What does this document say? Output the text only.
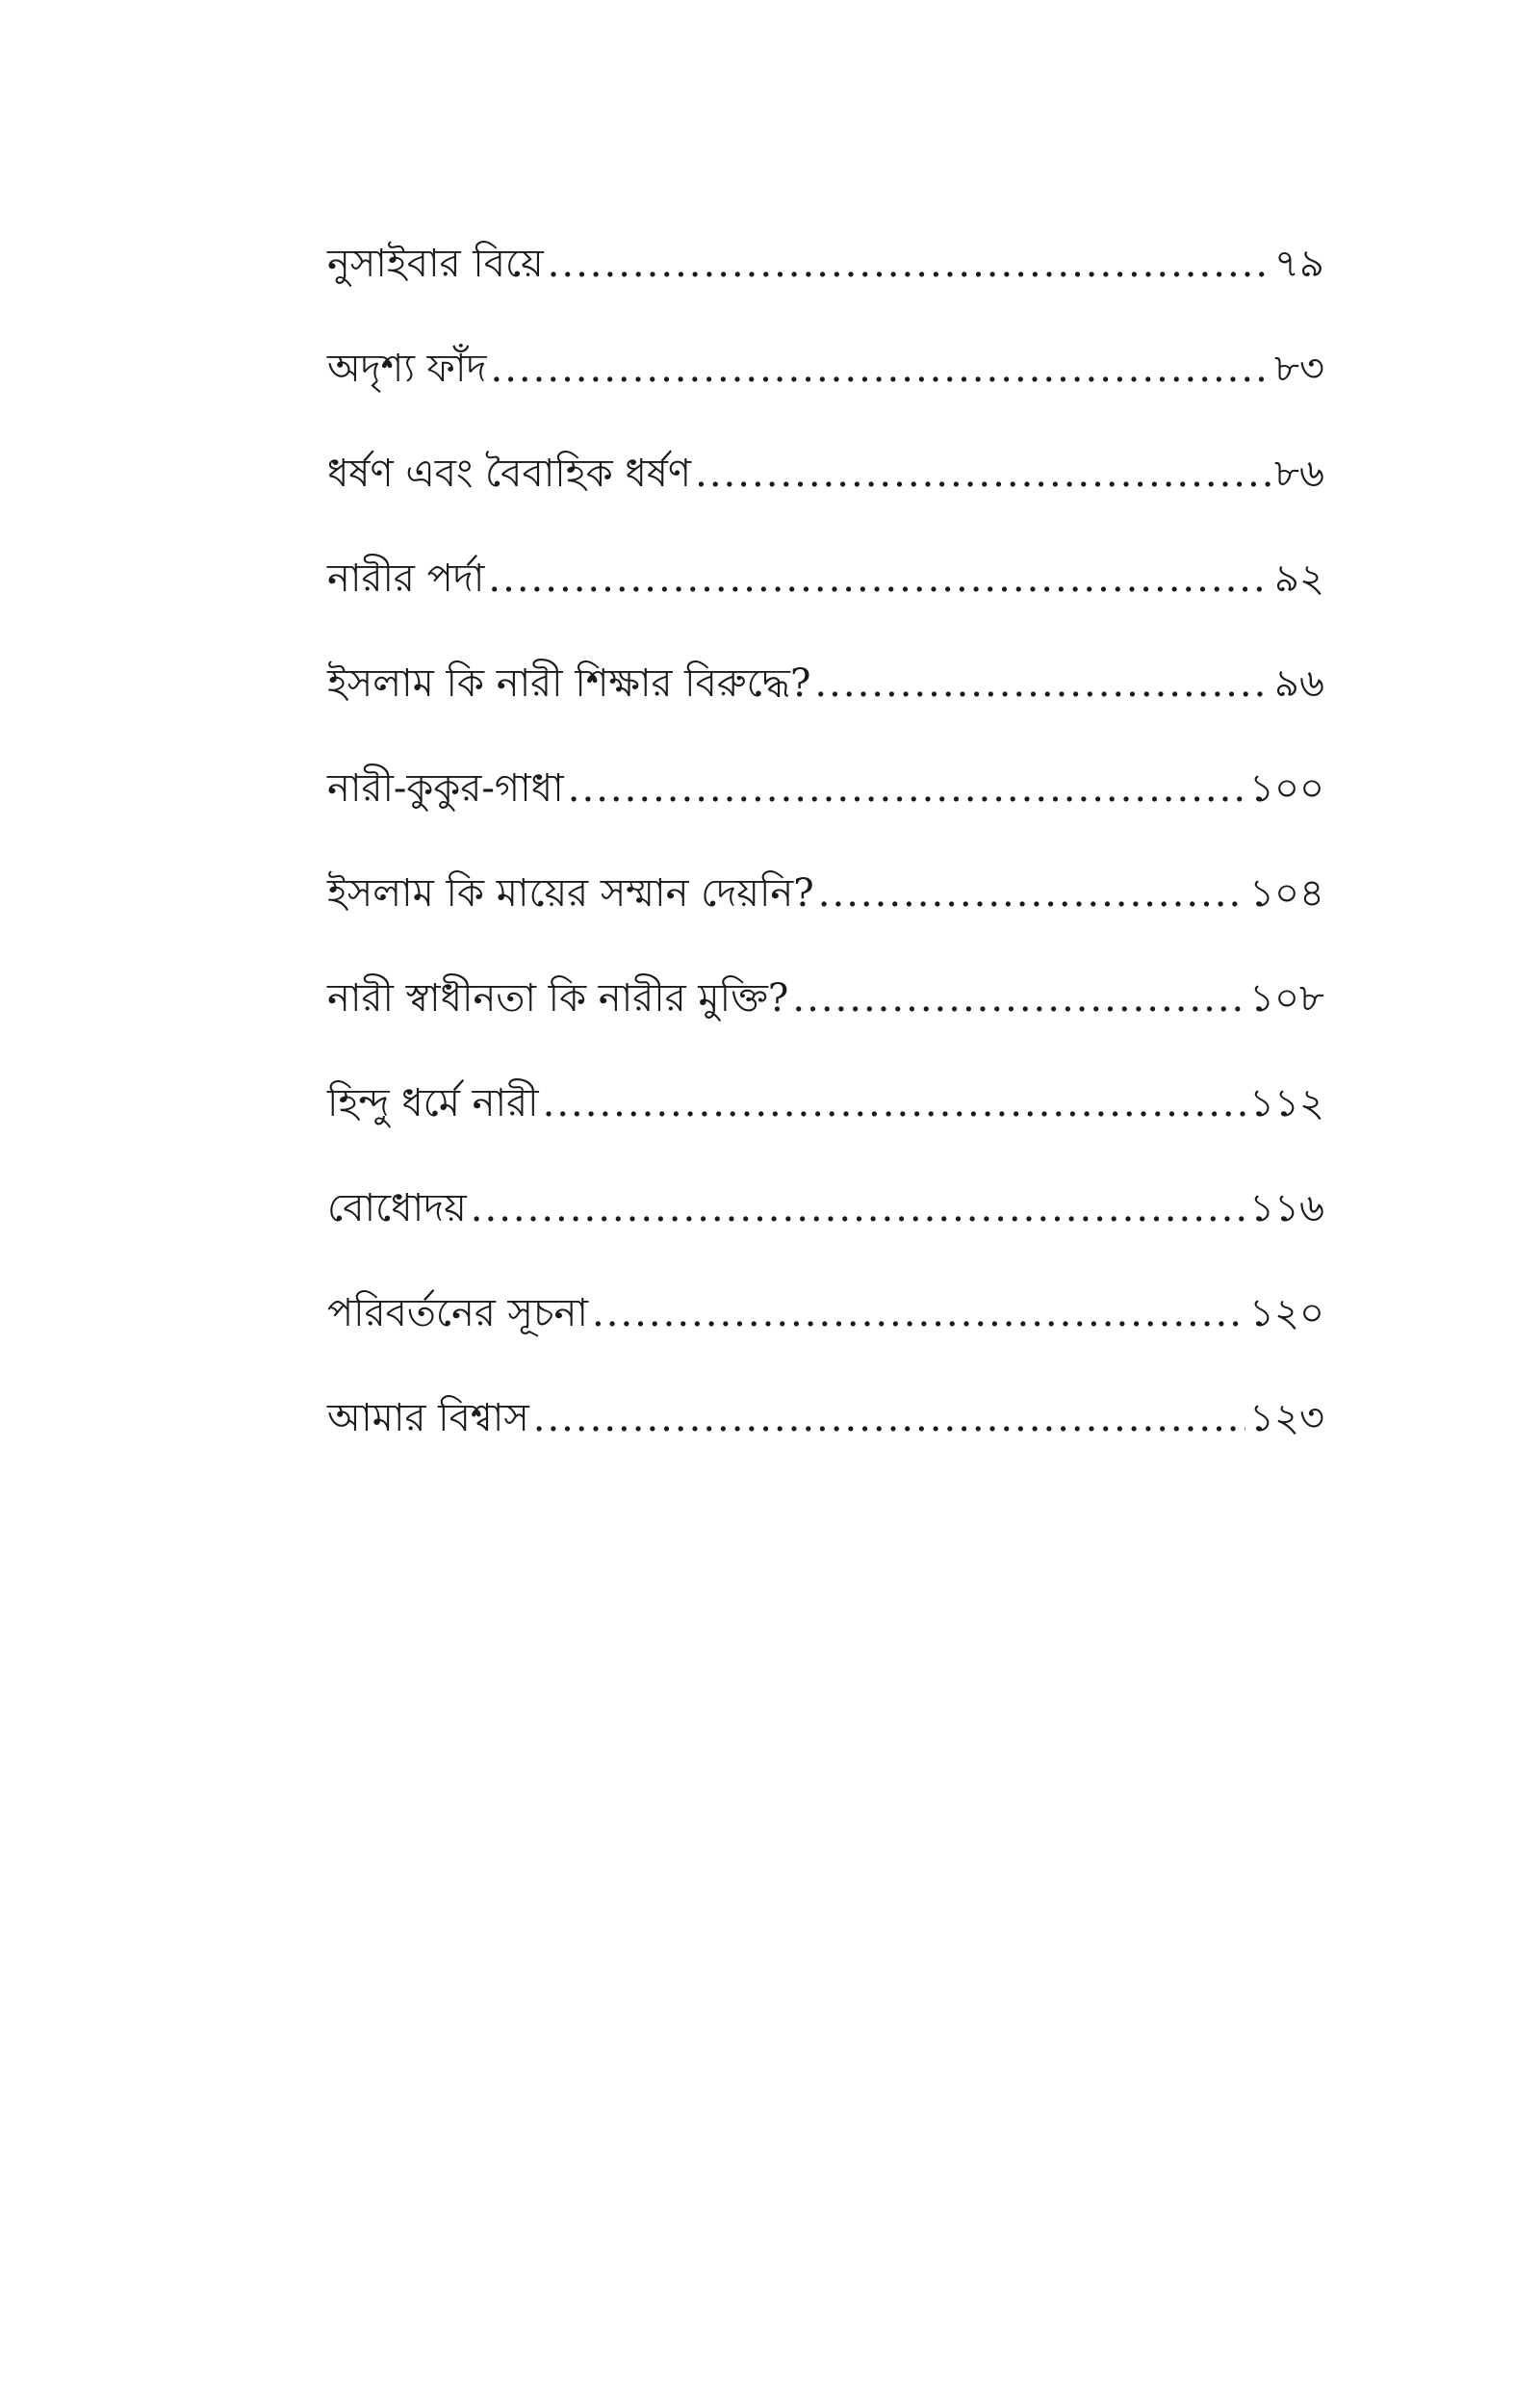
নুসাইবার বিয়ে .....	৭৯
অদৃশ্য ফাঁদ .....	৮৩
ধর্ষণ এবং বৈবাহিক ধর্ষণ .....	৮৬
নারীর পর্দা .....	৯২
ইসলাম কি নারী শিক্ষার বিরুদ্ধে? .....	৯৬
নারী-কুকুর-গাধা .....	১০০
ইসলাম কি মায়ের সম্মান দেয়নি? .....	১০৪
নারী স্বাধীনতা কি নারীর মুক্তি? .....	১০৮
হিন্দু ধর্মে নারী .....	১১২
বোধোদয় .....	১১৬
পরিবর্তনের সূচনা .....	১২০
আমার বিশ্বাস .....	১২৩
